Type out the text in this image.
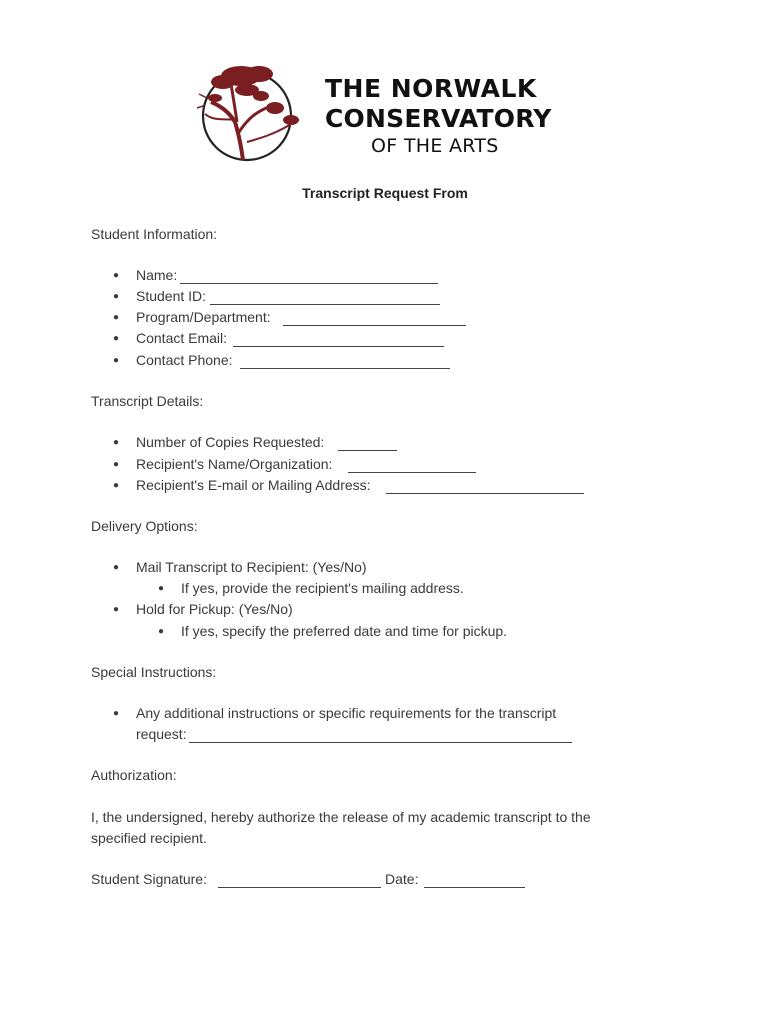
THE NORWALK
CONSERVATORY
OF THE ARTS
Transcript Request From
Student Information:
● Name:
● Student ID:
● Program/Department:
● Contact Email:
● Contact Phone:
Transcript Details:
● Number of Copies Requested:
● Recipient's Name/Organization:
● Recipient's E-mail or Mailing Address:
Delivery Options:
● Mail Transcript to Recipient: (Yes/No)
● If yes, provide the recipient's mailing address.
● Hold for Pickup: (Yes/No)
● If yes, specify the preferred date and time for pickup.
Special Instructions:
● Any additional instructions or specific requirements for the transcript
request:
Authorization:
I, the undersigned, hereby authorize the release of my academic transcript to the
specified recipient.
Student Signature:	Date:
